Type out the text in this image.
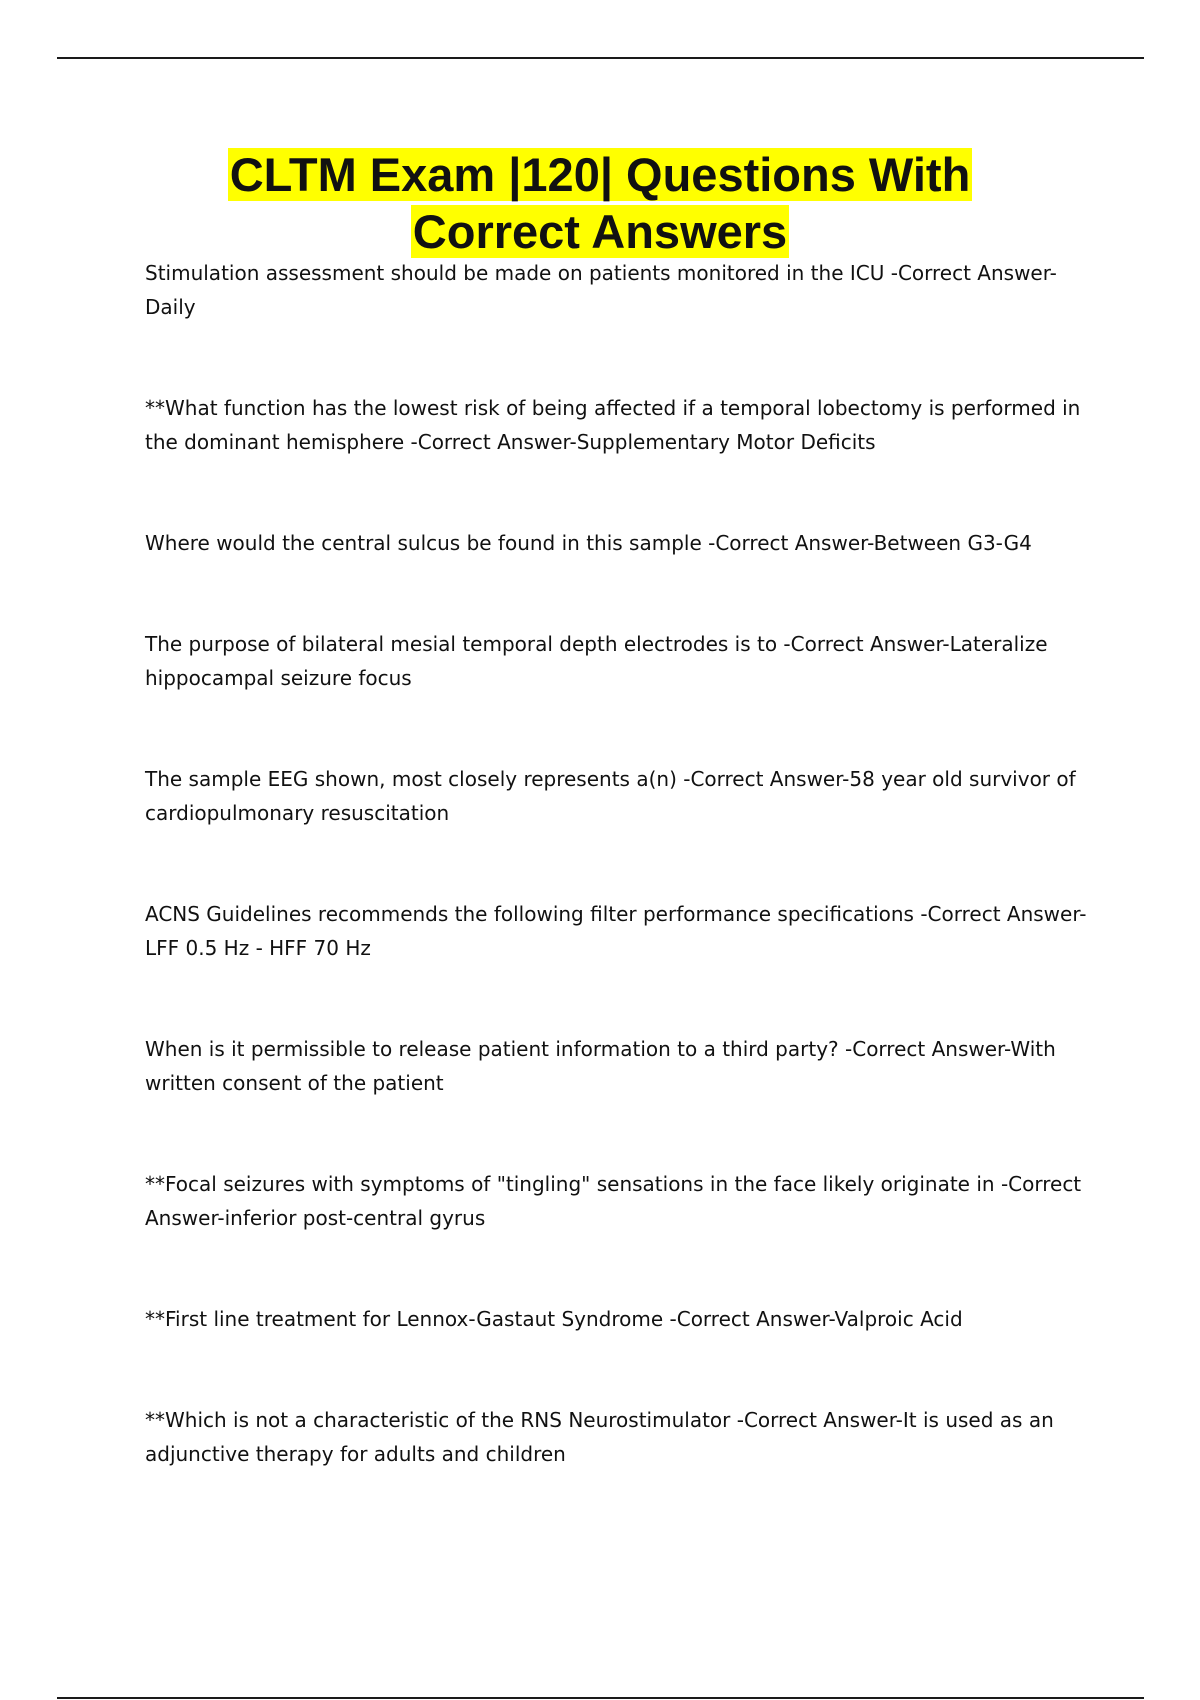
CLTM Exam |120| Questions With
Correct Answers
Stimulation assessment should be made on patients monitored in the ICU -Correct Answer-Daily
**What function has the lowest risk of being affected if a temporal lobectomy is performed in the dominant hemisphere -Correct Answer-Supplementary Motor Deficits
Where would the central sulcus be found in this sample -Correct Answer-Between G3-G4
The purpose of bilateral mesial temporal depth electrodes is to -Correct Answer-Lateralize hippocampal seizure focus
The sample EEG shown, most closely represents a(n) -Correct Answer-58 year old survivor of cardiopulmonary resuscitation
ACNS Guidelines recommends the following filter performance specifications -Correct Answer-LFF 0.5 Hz - HFF 70 Hz
When is it permissible to release patient information to a third party? -Correct Answer-With written consent of the patient
**Focal seizures with symptoms of "tingling" sensations in the face likely originate in -Correct Answer-inferior post-central gyrus
**First line treatment for Lennox-Gastaut Syndrome -Correct Answer-Valproic Acid
**Which is not a characteristic of the RNS Neurostimulator -Correct Answer-It is used as an adjunctive therapy for adults and children
